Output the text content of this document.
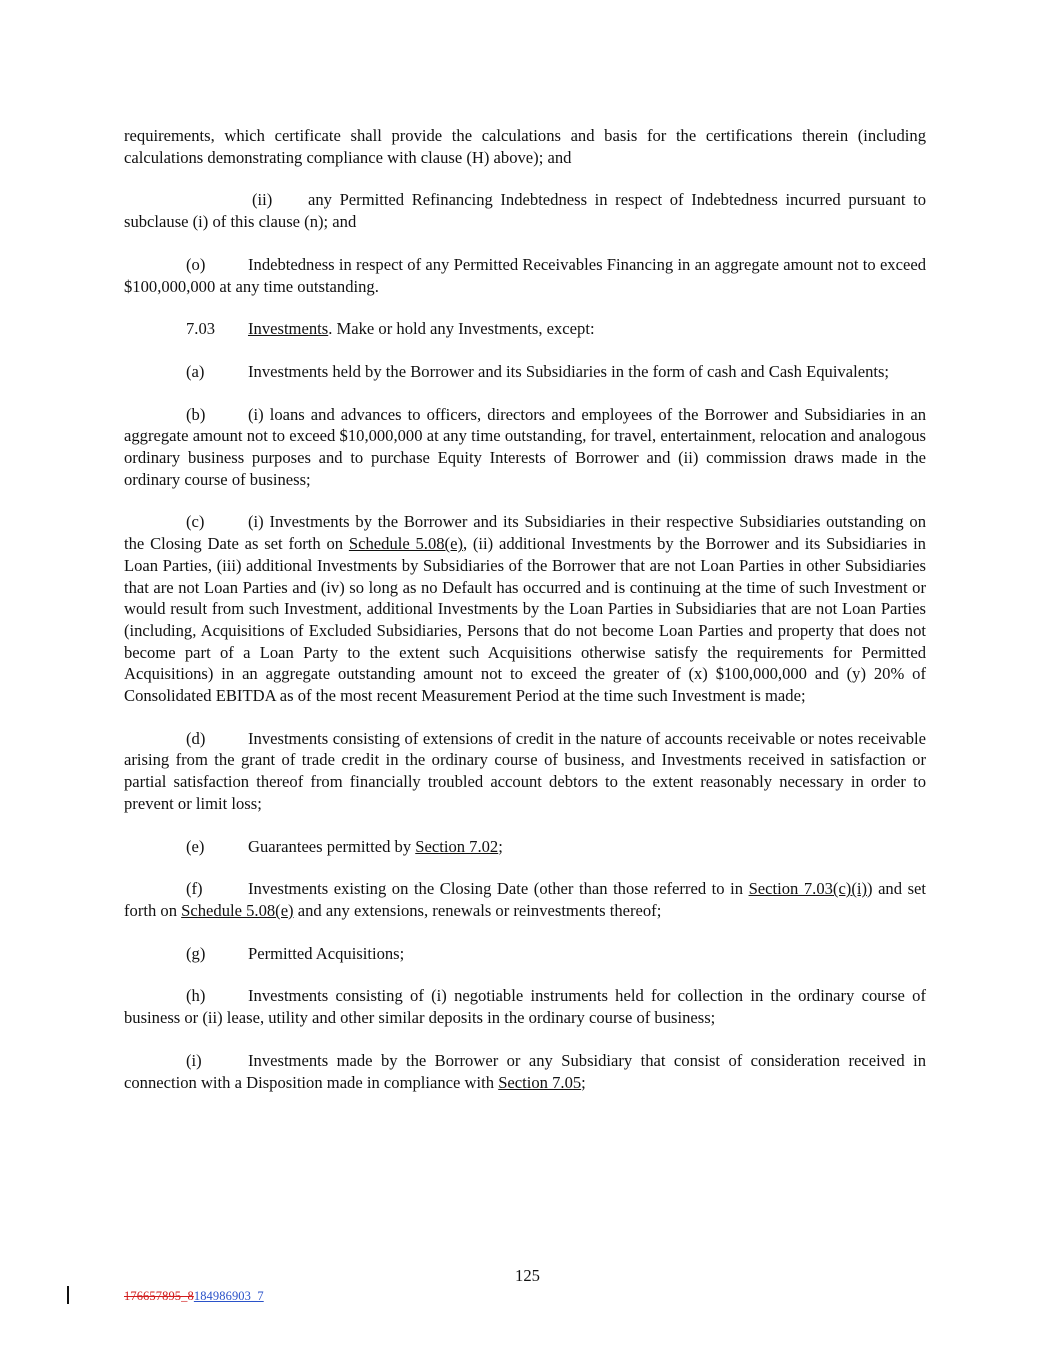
requirements, which certificate shall provide the calculations and basis for the certifications therein (including calculations demonstrating compliance with clause (H) above); and

(ii) any Permitted Refinancing Indebtedness in respect of Indebtedness incurred pursuant to subclause (i) of this clause (n); and

(o)	Indebtedness in respect of any Permitted Receivables Financing in an aggregate amount not to exceed $100,000,000 at any time outstanding.

7.03 Investments. Make or hold any Investments, except:

(a)	Investments held by the Borrower and its Subsidiaries in the form of cash and Cash Equivalents;

(b)	(i) loans and advances to officers, directors and employees of the Borrower and Subsidiaries in an aggregate amount not to exceed $10,000,000 at any time outstanding, for travel, entertainment, relocation and analogous ordinary business purposes and to purchase Equity Interests of Borrower and (ii) commission draws made in the ordinary course of business;

(c)	(i) Investments by the Borrower and its Subsidiaries in their respective Subsidiaries outstanding on the Closing Date as set forth on Schedule 5.08(e), (ii) additional Investments by the Borrower and its Subsidiaries in Loan Parties, (iii) additional Investments by Subsidiaries of the Borrower that are not Loan Parties in other Subsidiaries that are not Loan Parties and (iv) so long as no Default has occurred and is continuing at the time of such Investment or would result from such Investment, additional Investments by the Loan Parties in Subsidiaries that are not Loan Parties (including, Acquisitions of Excluded Subsidiaries, Persons that do not become Loan Parties and property that does not become part of a Loan Party to the extent such Acquisitions otherwise satisfy the requirements for Permitted Acquisitions) in an aggregate outstanding amount not to exceed the greater of (x) $100,000,000 and (y) 20% of Consolidated EBITDA as of the most recent Measurement Period at the time such Investment is made;

(d)	Investments consisting of extensions of credit in the nature of accounts receivable or notes receivable arising from the grant of trade credit in the ordinary course of business, and Investments received in satisfaction or partial satisfaction thereof from financially troubled account debtors to the extent reasonably necessary in order to prevent or limit loss;

(e)	Guarantees permitted by Section 7.02;

(f)	Investments existing on the Closing Date (other than those referred to in Section 7.03(c)(i)) and set forth on Schedule 5.08(e) and any extensions, renewals or reinvestments thereof;

(g)	Permitted Acquisitions;

(h)	Investments consisting of (i) negotiable instruments held for collection in the ordinary course of business or (ii) lease, utility and other similar deposits in the ordinary course of business;

(i)	Investments made by the Borrower or any Subsidiary that consist of consideration received in connection with a Disposition made in compliance with Section 7.05;

125
176657895_8184986903_7
